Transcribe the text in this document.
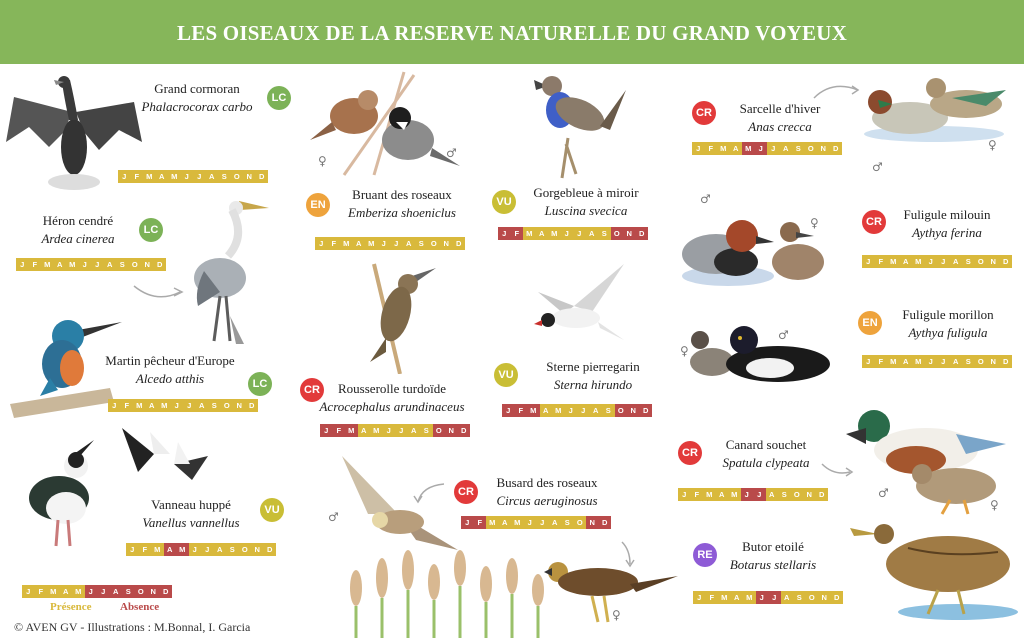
LES OISEAUX DE LA RESERVE NATURELLE DU GRAND VOYEUX
♀
♂
♂
♀
♂
♀
♂
♀
♀
♂
♂
♀
Grand cormoran
Phalacrocorax carbo
Héron cendré
Ardea cinerea
Martin pêcheur d'Europe
Alcedo atthis
Vanneau huppé
Vanellus vannellus
Bruant des roseaux
Emberiza shoeniclus
Rousserolle turdoïde
Acrocephalus arundinaceus
Busard des roseaux
Circus aeruginosus
Gorgebleue à miroir
Luscina svecica
Sterne pierregarin
Sterna hirundo
Sarcelle d'hiver
Anas crecca
Fuligule milouin
Aythya ferina
Fuligule morillon
Aythya fuligula
Canard souchet
Spatula clypeata
Butor etoilé
Botarus stellaris
LC
LC
LC
VU
EN
CR
CR
VU
VU
CR
CR
EN
CR
RE
J	F M A M J	J	A S O N D
J	F M A M J	J	A S O N D
J	F M A M J	J	A S O N D
J	F M A M J	J	A S O N D
J	F M A M J	J	A S O N D
J	F M A M J	J	A S O N D
J	F M A M J	J	A S O N D
J	F M A M J	J	A S O N D
J	F M A M J	J	A S O N D
J	F M A M J	J	A S O N D
J	F M A M J	J	A S O N D
J	F M A M J	J	A S O N D
J	F M A M J	J	A S O N D
J	F M A M J	J	A S O N D
J	F M A M J	J	A S O N D
Présence	Absence
© AVEN GV - Illustrations : M.Bonnal, I. Garcia
